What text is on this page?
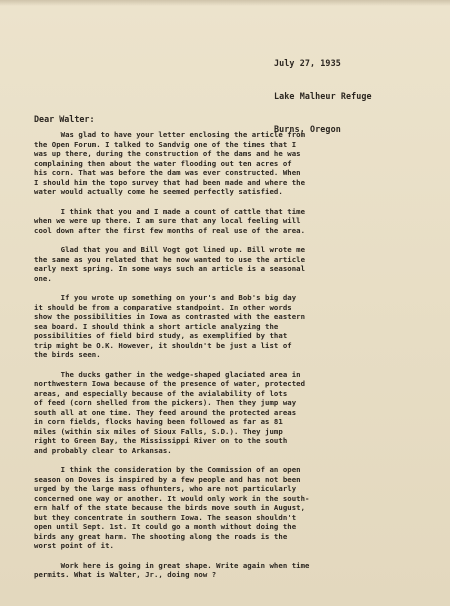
July 27, 1935

Lake Malheur Refuge

Burns, Oregon

Dear Walter:

Was glad to have your letter enclosing the article from
the Open Forum. I talked to Sandvig one of the times that I
was up there, during the construction of the dams and he was
complaining then about the water flooding out ten acres of
his corn. That was before the dam was ever constructed. When
I should him the topo survey that had been made and where the
water would actually come he seemed perfectly satisfied.

I think that you and I made a count of cattle that time
when we were up there. I am sure that any local feeling will
cool down after the first few months of real use of the area.

Glad that you and Bill Vogt got lined up. Bill wrote me
the same as you related that he now wanted to use the article
early next spring. In some ways such an article is a seasonal
one.

If you wrote up something on your's and Bob's big day
it should be from a comparative standpoint. In other words
show the possibilities in Iowa as contrasted with the eastern
sea board. I should think a short article analyzing the
possibilities of field bird study, as exemplified by that
trip might be O.K. However, it shouldn't be just a list of
the birds seen.

The ducks gather in the wedge-shaped glaciated area in
northwestern Iowa because of the presence of water, protected
areas, and especially because of the avialability of lots
of feed (corn shelled from the pickers). Then they jump way
south all at one time. They feed around the protected areas
in corn fields, flocks having been followed as far as 81
miles (within six miles of Sioux Falls, S.D.). They jump
right to Green Bay, the Mississippi River on to the south
and probably clear to Arkansas.

I think the consideration by the Commission of an open
season on Doves is inspired by a few people and has not been
urged by the large mass ofhunters, who are not particularly
concerned one way or another. It would only work in the south-
ern half of the state because the birds move south in August,
but they concentrate in southern Iowa. The season shouldn't
open until Sept. 1st. It could go a month without doing the
birds any great harm. The shooting along the roads is the
worst point of it.

Work here is going in great shape. Write again when time
permits. What is Walter, Jr., doing now ?
